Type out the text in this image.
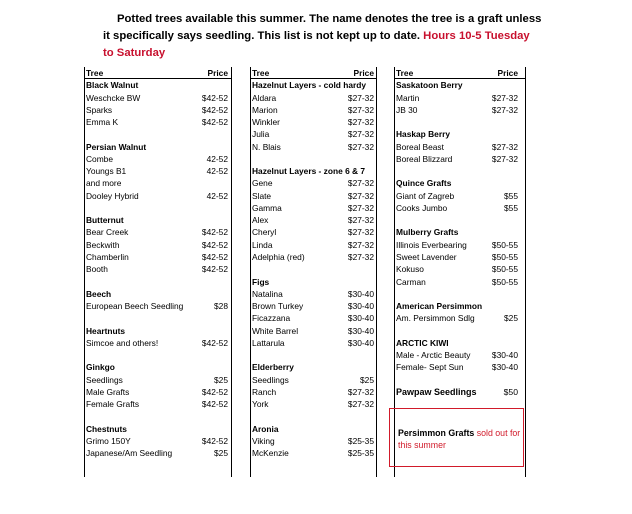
Potted trees available this summer. The name denotes the tree is a graft unless it specifically says seedling. This list is not kept up to date. Hours 10-5 Tuesday to Saturday
Tree	Price
Black Walnut
Weschcke BW	$42-52
Sparks	$42-52
Emma K	$42-52
Persian Walnut
Combe	42-52
Youngs B1	42-52
and more
Dooley Hybrid	42-52
Butternut
Bear Creek	$42-52
Beckwith	$42-52
Chamberlin	$42-52
Booth	$42-52
Beech
European Beech Seedling	$28
Heartnuts
Simcoe and others!	$42-52
Ginkgo
Seedlings	$25
Male Grafts	$42-52
Female Grafts	$42-52
Chestnuts
Grimo 150Y	$42-52
Japanese/Am Seedling	$25
Tree	Price
Hazelnut Layers - cold hardy
Aldara	$27-32
Marion	$27-32
Winkler	$27-32
Julia	$27-32
N. Blais	$27-32
Hazelnut Layers - zone 6 & 7
Gene	$27-32
Slate	$27-32
Gamma	$27-32
Alex	$27-32
Cheryl	$27-32
Linda	$27-32
Adelphia (red)	$27-32
Figs
Natalina	$30-40
Brown Turkey	$30-40
Ficazzana	$30-40
White Barrel	$30-40
Lattarula	$30-40
Elderberry
Seedlings	$25
Ranch	$27-32
York	$27-32
Aronia
Viking	$25-35
McKenzie	$25-35
Tree	Price
Saskatoon Berry
Martin	$27-32
JB 30	$27-32
Haskap Berry
Boreal Beast	$27-32
Boreal Blizzard	$27-32
Quince Grafts
Giant of Zagreb	$55
Cooks Jumbo	$55
Mulberry Grafts
Illinois Everbearing	$50-55
Sweet Lavender	$50-55
Kokuso	$50-55
Carman	$50-55
American Persimmon
Am. Persimmon Sdlg	$25
ARCTIC KIWI
Male - Arctic Beauty	$30-40
Female- Sept Sun	$30-40
Pawpaw Seedlings	$50
Persimmon Grafts sold out for this summer
